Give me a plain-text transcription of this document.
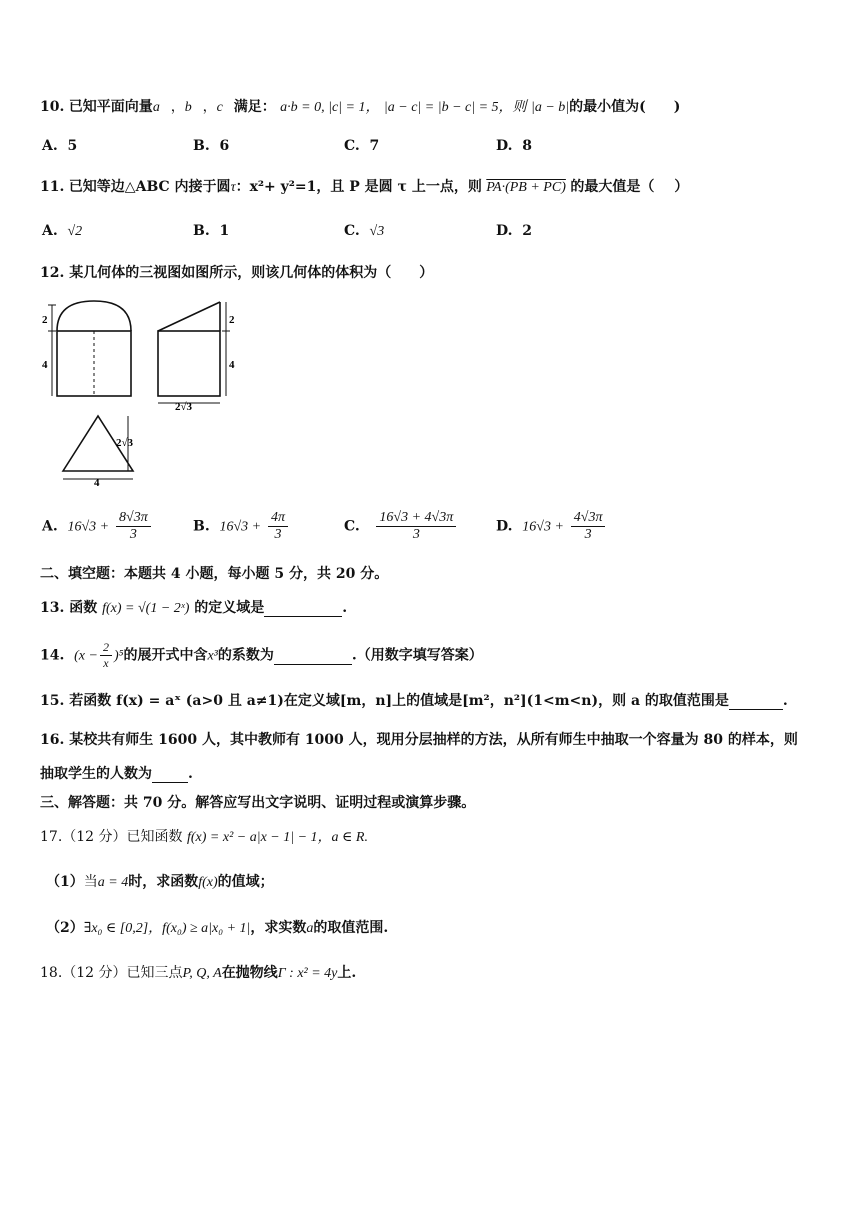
10. 已知平面向量a⃗，b⃗，c⃗满足： a·b = 0, |c| = 1， |a − c| = |b − c| = 5，则 |a − b|的最小值为( )
A. 5	B. 6	C. 7	D. 8
11. 已知等边△ABC 内接于圆τ：x²+ y²=1，且 P 是圆 τ 上一点，则 PA·(PB + PC) 的最大值是（ ）
A. √2	B. 1	C. √3	D. 2
12. 某几何体的三视图如图所示，则该几何体的体积为（　　）
2
4
2
4
2√3
2√3
4
A. $16√3 + \frac{8√3\pi}{3}$	B. $16√3 + \frac{4\pi}{3}$	C. $\frac{16√3 + 4√3\pi}{3}$	D. $16√3 + \frac{4√3\pi}{3}$
二、填空题：本题共 4 小题，每小题 5 分，共 20 分。
13. 函数 f(x) = √(1 − 2ˣ) 的定义域是	.
14. $(x - \frac{2}{x} )^5$的展开式中含x³的系数为	.（用数字填写答案）
15. 若函数 f(x) = aˣ (a>0 且 a≠1)在定义域[m，n]上的值域是[m²，n²](1<m<n)，则 a 的取值范围是	.
16. 某校共有师生 1600 人，其中教师有 1000 人，现用分层抽样的方法，从所有师生中抽取一个容量为 80 的样本，则
抽取学生的人数为	.
三、解答题：共 70 分。解答应写出文字说明、证明过程或演算步骤。
17.（12 分）已知函数 f(x) = x² − a|x − 1| − 1，a ∈ R.
（1）当a = 4时，求函数f(x)的值域；
（2）∃x₀ ∈ [0,2]，f(x₀) ≥ a|x₀ + 1|，求实数a的取值范围.
18.（12 分）已知三点P, Q, A在抛物线Γ : x² = 4y上.
